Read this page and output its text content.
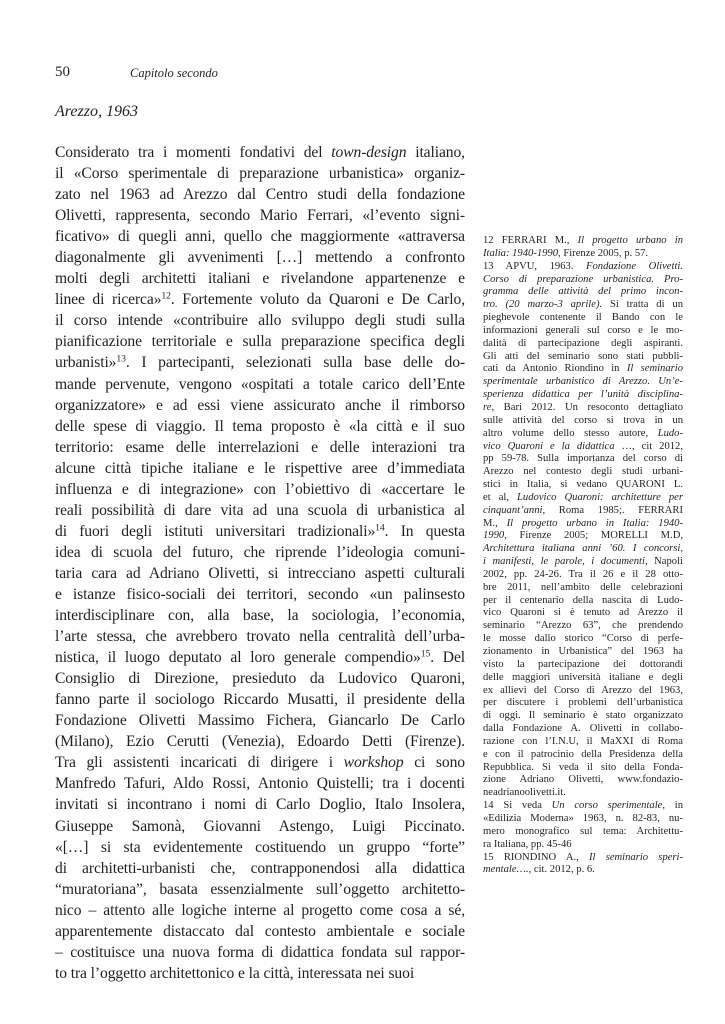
50	Capitolo secondo
Arezzo, 1963
Considerato tra i momenti fondativi del town-design italiano,
il «Corso sperimentale di preparazione urbanistica» organiz-
zato nel 1963 ad Arezzo dal Centro studi della fondazione
Olivetti, rappresenta, secondo Mario Ferrari, «l’evento signi-
ficativo» di quegli anni, quello che maggiormente «attraversa
diagonalmente gli avvenimenti […] mettendo a confronto
molti degli architetti italiani e rivelandone appartenenze e
linee di ricerca»$^{12}$. Fortemente voluto da Quaroni e De Carlo,
il corso intende «contribuire allo sviluppo degli studi sulla
pianificazione territoriale e sulla preparazione specifica degli
urbanisti»$^{13}$. I partecipanti, selezionati sulla base delle do-
mande pervenute, vengono «ospitati a totale carico dell’Ente
organizzatore» e ad essi viene assicurato anche il rimborso
delle spese di viaggio. Il tema proposto è «la città e il suo
territorio: esame delle interrelazioni e delle interazioni tra
alcune città tipiche italiane e le rispettive aree d’immediata
influenza e di integrazione» con l’obiettivo di «accertare le
reali possibilità di dare vita ad una scuola di urbanistica al
di fuori degli istituti universitari tradizionali»$^{14}$. In questa
idea di scuola del futuro, che riprende l’ideologia comuni-
taria cara ad Adriano Olivetti, si intrecciano aspetti culturali
e istanze fisico-sociali dei territori, secondo «un palinsesto
interdisciplinare con, alla base, la sociologia, l’economia,
l’arte stessa, che avrebbero trovato nella centralità dell’urba-
nistica, il luogo deputato al loro generale compendio»$^{15}$. Del
Consiglio di Direzione, presieduto da Ludovico Quaroni,
fanno parte il sociologo Riccardo Musatti, il presidente della
Fondazione Olivetti Massimo Fichera, Giancarlo De Carlo
(Milano), Ezio Cerutti (Venezia), Edoardo Detti (Firenze).
Tra gli assistenti incaricati di dirigere i workshop ci sono
Manfredo Tafuri, Aldo Rossi, Antonio Quistelli; tra i docenti
invitati si incontrano i nomi di Carlo Doglio, Italo Insolera,
Giuseppe Samonà, Giovanni Astengo, Luigi Piccinato.
«[…] si sta evidentemente costituendo un gruppo “forte”
di architetti-urbanisti che, contrapponendosi alla didattica
“muratoriana”, basata essenzialmente sull’oggetto architetto-
nico – attento alle logiche interne al progetto come cosa a sé,
apparentemente distaccato dal contesto ambientale e sociale
– costituisce una nuova forma di didattica fondata sul rappor-
to tra l’oggetto architettonico e la città, interessata nei suoi
12 FERRARI M., Il progetto urbano in
Italia: 1940-1990, Firenze 2005, p. 57.
13 APVU, 1963. Fondazione Olivetti.
Corso di preparazione urbanistica. Pro-
gramma delle attività del primo incon-
tro. (20 marzo-3 aprile). Si tratta di un
pieghevole contenente il Bando con le
informazioni generali sul corso e le mo-
dalità di partecipazione degli aspiranti.
Gli atti del seminario sono stati pubbli-
cati da Antonio Riondino in Il seminario
sperimentale urbanistico di Arezzo. Un’e-
sperienza didattica per l’unità disciplina-
re, Bari 2012. Un resoconto dettagliato
sulle attività del corso si trova in un
altro volume dello stesso autore, Ludo-
vico Quaroni e la didattica …, cit 2012,
pp 59-78. Sulla importanza del corso di
Arezzo nel contesto degli studi urbani-
stici in Italia, si vedano QUARONI L.
et al, Ludovico Quaroni: architetture per
cinquant’anni, Roma 1985;. FERRARI
M., Il progetto urbano in Italia: 1940-
1990, Firenze 2005; MORELLI M.D,
Architettura italiana anni ’60. I concorsi,
i manifesti, le parole, i documenti, Napoli
2002, pp. 24-26. Tra il 26 e il 28 otto-
bre 2011, nell’ambito delle celebrazioni
per il centenario della nascita di Ludo-
vico Quaroni si è tenuto ad Arezzo il
seminario “Arezzo 63”, che prendendo
le mosse dallo storico “Corso di perfe-
zionamento in Urbanistica” del 1963 ha
visto la partecipazione dei dottorandi
delle maggiori università italiane e degli
ex allievi del Corso di Arezzo del 1963,
per discutere i problemi dell’urbanistica
di oggi. Il seminario è stato organizzato
dalla Fondazione A. Olivetti in collabo-
razione con l’I.N.U, il MaXXI di Roma
e con il patrocinio della Presidenza della
Repubblica. Si veda il sito della Fonda-
zione Adriano Olivetti, www.fondazio-
neadrianoolivetti.it.
14 Si veda Un corso sperimentale, in
«Edilizia Moderna» 1963, n. 82-83, nu-
mero monografico sul tema: Architettu-
ra Italiana, pp. 45-46
15 RIONDINO A., Il seminario speri-
mentale…., cit. 2012, p. 6.
